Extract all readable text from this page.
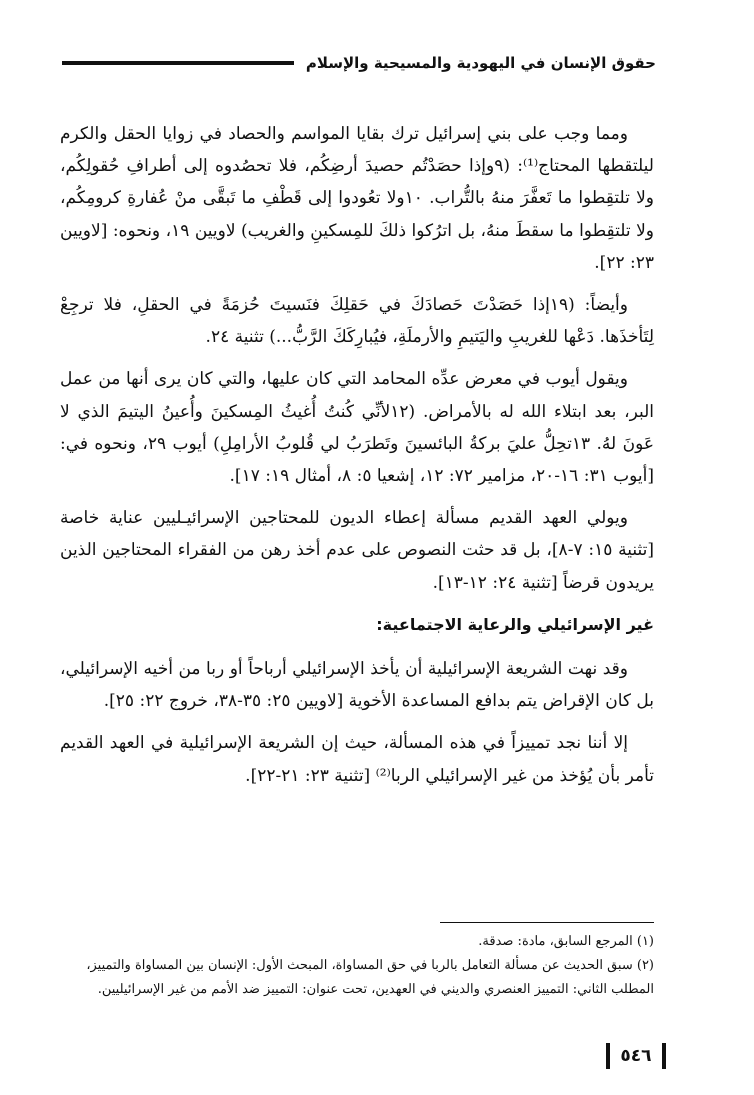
حقوق الإنسان في اليهودية والمسيحية والإسلام

ومما وجب على بني إسرائيل ترك بقايا المواسم والحصاد في زوايا الحقل والكرم ليلتقطها المحتاج⁽¹⁾: (٩وإذا حصَدْتُم حصيدَ أرضِكُم، فلا تحصُدوه إلى أطرافِ حُقولِكُم، ولا تلتقِطوا ما تَعفَّرَ منهُ بالتُّراب. ١٠ولا تعُودوا إلى قَطْفِ ما تَبقَّى منْ عُفارةِ كرومِكُم، ولا تلتقِطوا ما سقطَ منهُ، بل اترُكوا ذلكَ للمِسكينِ والغريب) لاويين ١٩، ونحوه: [لاويين ٢٣: ٢٢].

وأيضاً: (١٩إذا حَصَدْتَ حَصادَكَ في حَقلِكَ فنَسيتَ حُزمَةً في الحقلِ، فلا ترجِعْ لِتَأخذَها. دَعْها للغريبِ واليَتيمِ والأرملَةِ، فيُبارِكَكَ الرَّبُّ...) تثنية ٢٤.

ويقول أيوب في معرض عدِّه المحامد التي كان عليها، والتي كان يرى أنها من عمل البر، بعد ابتلاء الله له بالأمراض. (١٢لأنِّي كُنتُ أُغيثُ المِسكينَ وأُعينُ اليتيمَ الذي لا عَونَ لهُ. ١٣تحِلُّ عليَ بركةُ البائسينَ وتَطرَبُ لي قُلوبُ الأرامِلِ) أيوب ٢٩، ونحوه في: [أيوب ٣١: ١٦-٢٠، مزامير ٧٢: ١٢، إشعيا ٥: ٨، أمثال ١٩: ١٧].

ويولي العهد القديم مسألة إعطاء الديون للمحتاجين الإسرائيـليين عناية خاصة [تثنية ١٥: ٧-٨]، بل قد حثت النصوص على عدم أخذ رهن من الفقراء المحتاجين الذين يريدون قرضاً [تثنية ٢٤: ١٢-١٣].

غير الإسرائيلي والرعاية الاجتماعية:

وقد نهت الشريعة الإسرائيلية أن يأخذ الإسرائيلي أرباحاً أو ربا من أخيه الإسرائيلي، بل كان الإقراض يتم بدافع المساعدة الأخوية [لاويين ٢٥: ٣٥-٣٨، خروج ٢٢: ٢٥].

إلا أننا نجد تمييزاً في هذه المسألة، حيث إن الشريعة الإسرائيلية في العهد القديم تأمر بأن يُؤخذ من غير الإسرائيلي الربا⁽²⁾ [تثنية ٢٣: ٢١-٢٢].

(١) المرجع السابق، مادة: صدقة.

(٢) سبق الحديث عن مسألة التعامل بالربا في حق المساواة، المبحث الأول: الإنسان بين المساواة والتمييز، المطلب الثاني: التمييز العنصري والديني في العهدين، تحت عنوان: التمييز ضد الأمم من غير الإسرائيليين.

٥٤٦
